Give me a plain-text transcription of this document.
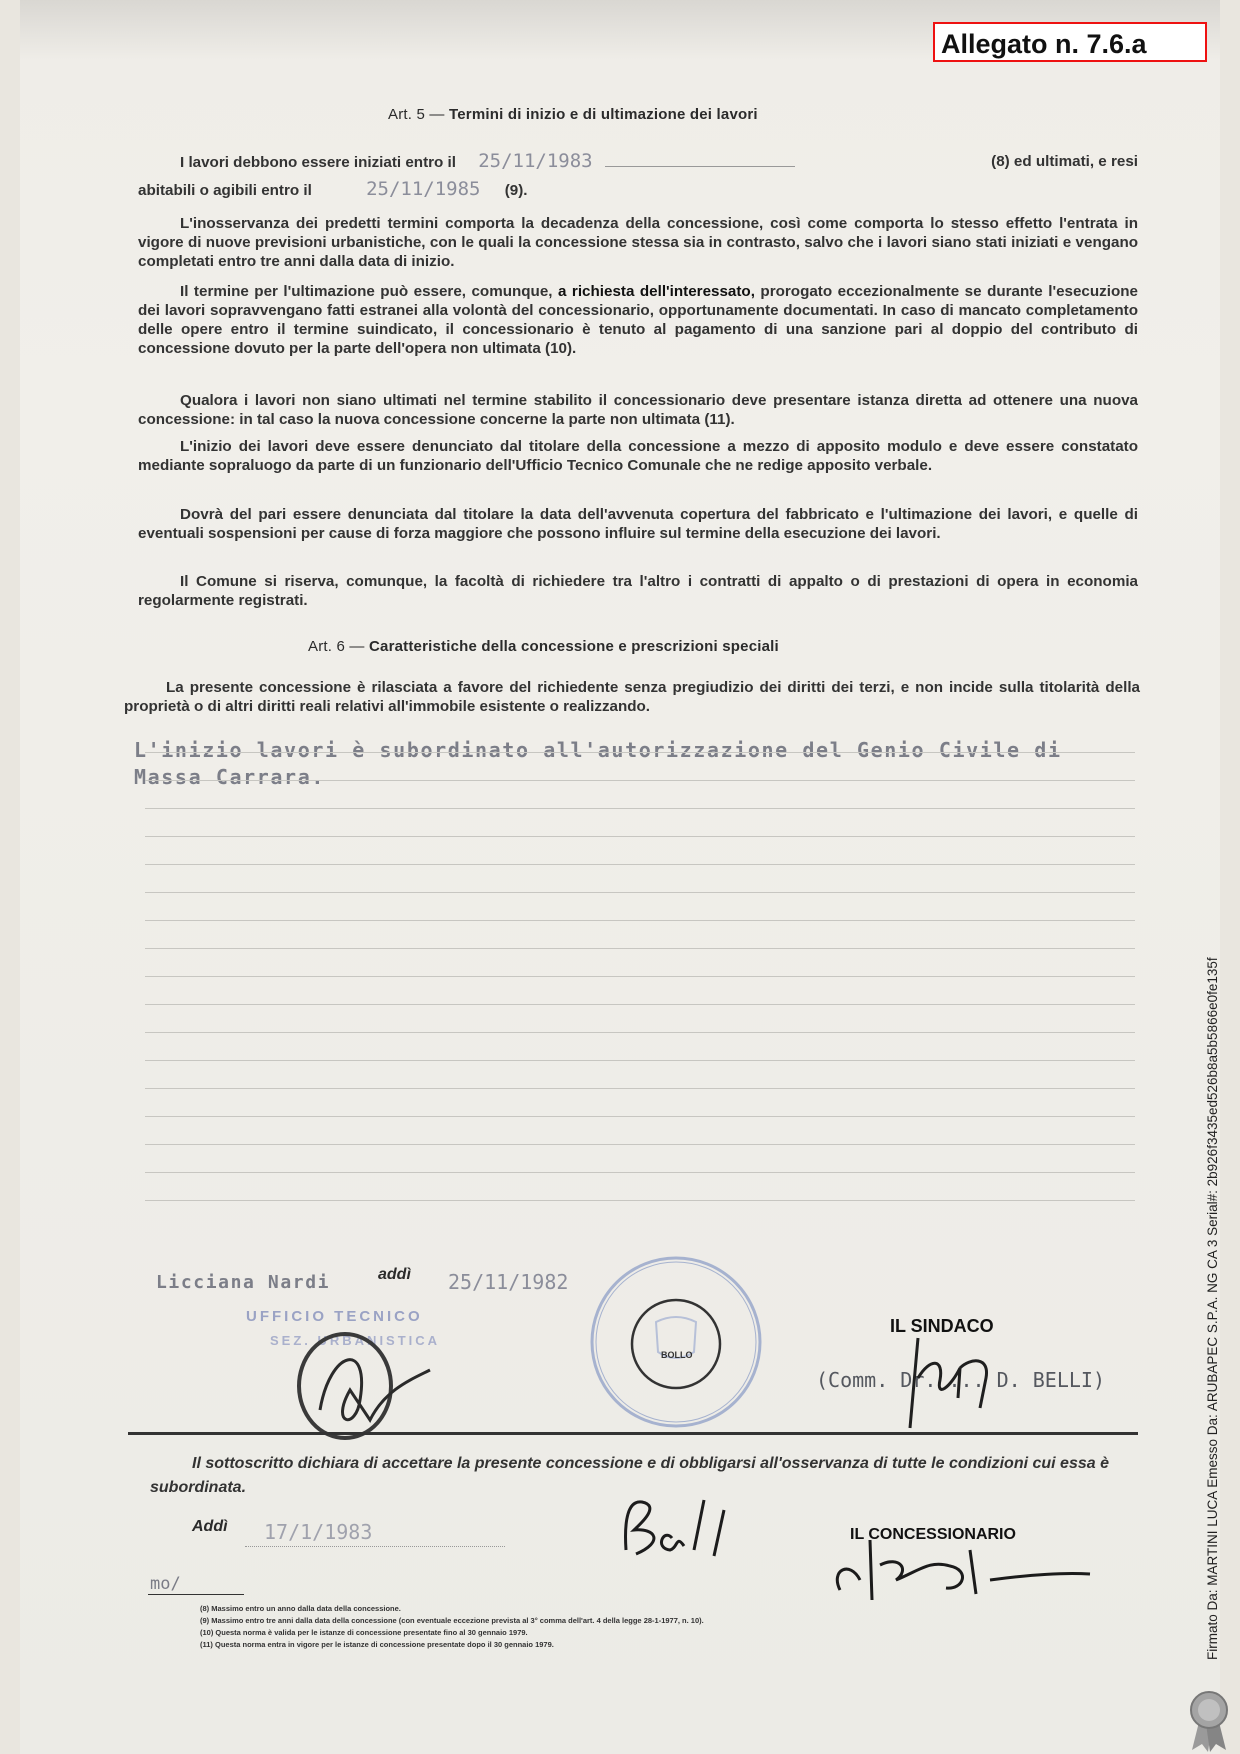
Allegato n. 7.6.a
Art. 5 — Termini di inizio e di ultimazione dei lavori
I lavori debbono essere iniziati entro il 25/11/1983	(8) ed ultimati, e resi
abitabili o agibili entro il	25/11/1985 (9).
L'inosservanza dei predetti termini comporta la decadenza della concessione, così come comporta lo stesso effetto l'entrata in vigore di nuove previsioni urbanistiche, con le quali la concessione stessa sia in contrasto, salvo che i lavori siano stati iniziati e vengano completati entro tre anni dalla data di inizio.
Il termine per l'ultimazione può essere, comunque, a richiesta dell'interessato, prorogato eccezionalmente se durante l'esecuzione dei lavori sopravvengano fatti estranei alla volontà del concessionario, opportunamente documentati. In caso di mancato completamento delle opere entro il termine suindicato, il concessionario è tenuto al pagamento di una sanzione pari al doppio del contributo di concessione dovuto per la parte dell'opera non ultimata (10).
Qualora i lavori non siano ultimati nel termine stabilito il concessionario deve presentare istanza diretta ad ottenere una nuova concessione: in tal caso la nuova concessione concerne la parte non ultimata (11).
L'inizio dei lavori deve essere denunciato dal titolare della concessione a mezzo di apposito modulo e deve essere constatato mediante sopraluogo da parte di un funzionario dell'Ufficio Tecnico Comunale che ne redige apposito verbale.
Dovrà del pari essere denunciata dal titolare la data dell'avvenuta copertura del fabbricato e l'ultimazione dei lavori, e quelle di eventuali sospensioni per cause di forza maggiore che possono influire sul termine della esecuzione dei lavori.
Il Comune si riserva, comunque, la facoltà di richiedere tra l'altro i contratti di appalto o di prestazioni di opera in economia regolarmente registrati.
Art. 6 — Caratteristiche della concessione e prescrizioni speciali
La presente concessione è rilasciata a favore del richiedente senza pregiudizio dei diritti dei terzi, e non incide sulla titolarità della proprietà o di altri diritti reali relativi all'immobile esistente o realizzando.
L'inizio lavori è subordinato all'autorizzazione del Genio Civile di
Massa Carrara.
Licciana Nardi	addì 25/11/1982
UFFICIO TECNICO
SEZ. URBANISTICA
BOLLO
IL SINDACO
(Comm. Dr. ... D. BELLI)
Il sottoscritto dichiara di accettare la presente concessione e di obbligarsi all'osservanza di tutte le condizioni cui essa è subordinata.
Addì 17/1/1983	IL CONCESSIONARIO
mo/
(8) Massimo entro un anno dalla data della concessione.
(9) Massimo entro tre anni dalla data della concessione (con eventuale eccezione prevista al 3° comma dell'art. 4 della legge 28-1-1977, n. 10).
(10) Questa norma è valida per le istanze di concessione presentate fino al 30 gennaio 1979.
(11) Questa norma entra in vigore per le istanze di concessione presentate dopo il 30 gennaio 1979.	Firmato Da: MARTINI LUCA Emesso Da: ARUBAPEC S.P.A. NG CA 3 Serial#: 2b926f3435ed526b8a5b5866e0fe135f
